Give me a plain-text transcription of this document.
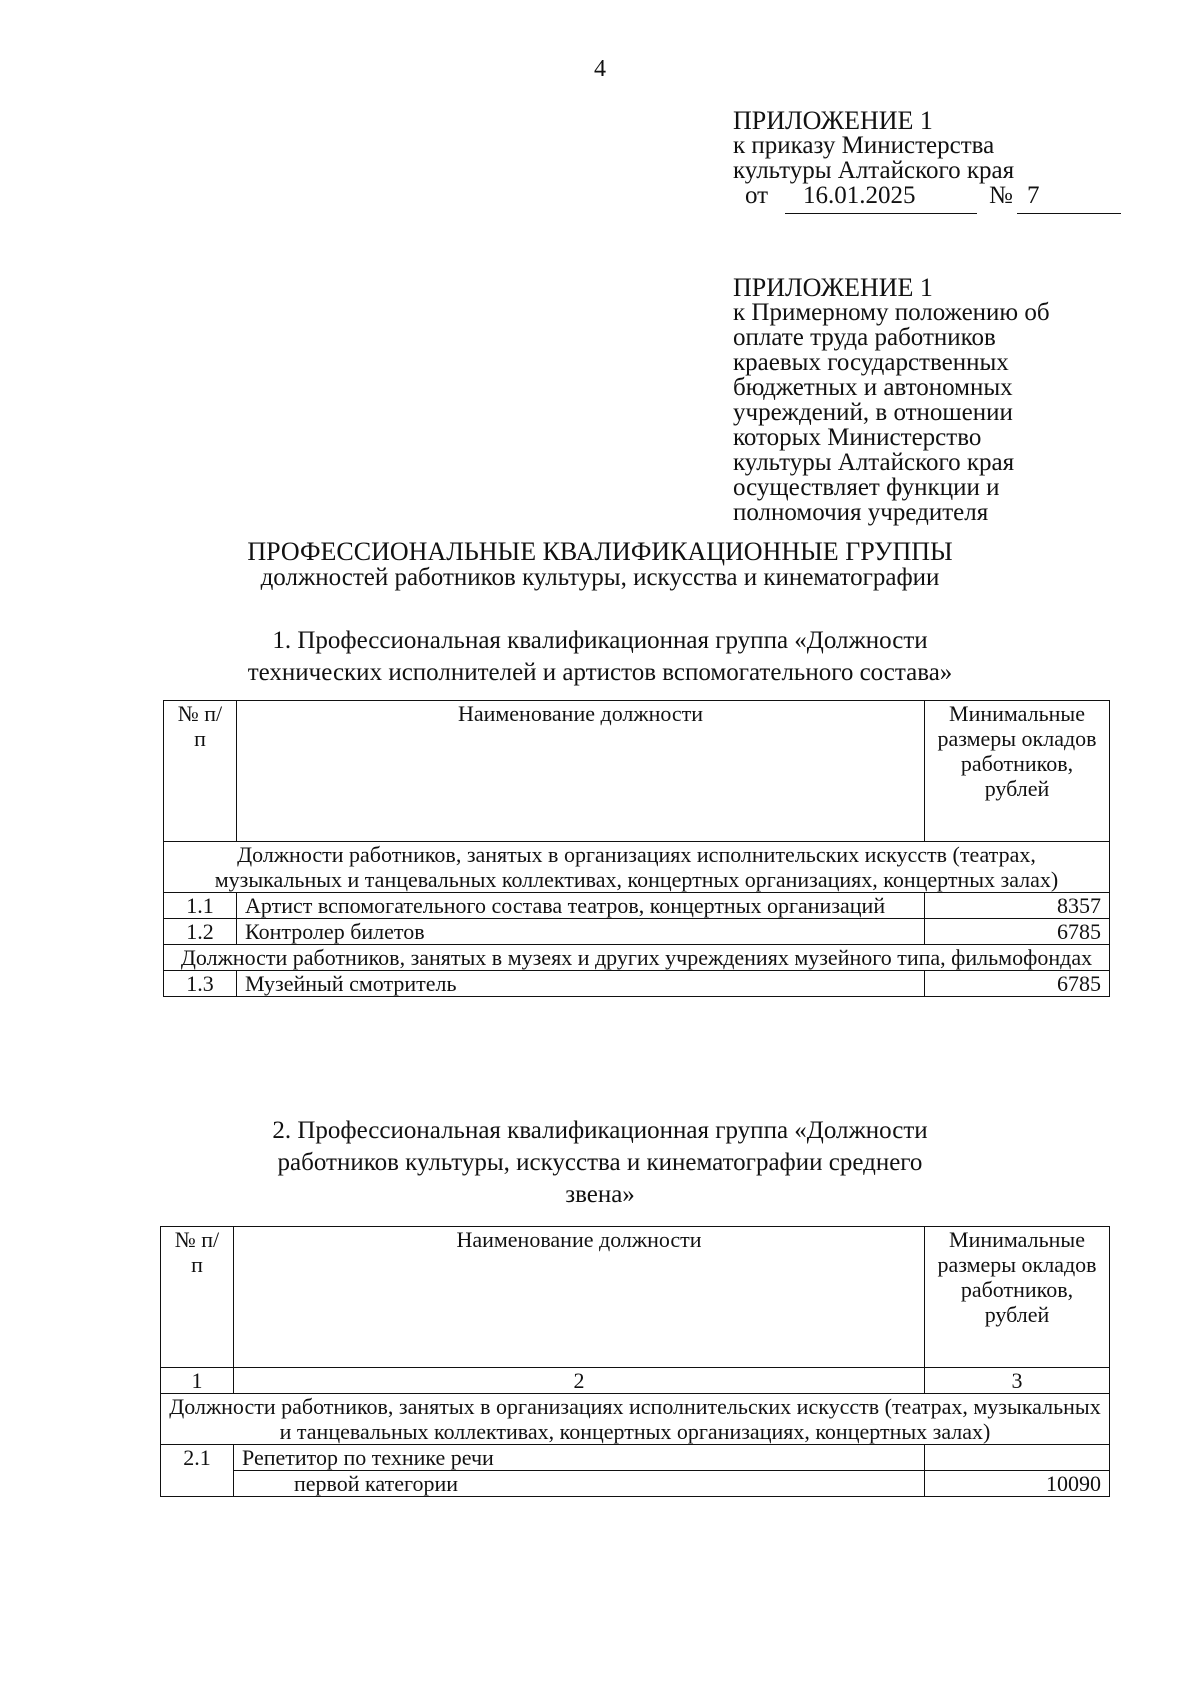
4
ПРИЛОЖЕНИЕ 1
к приказу Министерства
культуры Алтайского края
от 16.01.2025	№ 7
ПРИЛОЖЕНИЕ 1
к Примерному положению об
оплате труда работников
краевых государственных
бюджетных и автономных
учреждений, в отношении
которых Министерство
культуры Алтайского края
осуществляет функции и
полномочия учредителя
ПРОФЕССИОНАЛЬНЫЕ КВАЛИФИКАЦИОННЫЕ ГРУППЫ
должностей работников культуры, искусства и кинематографии
1. Профессиональная квалификационная группа «Должности
технических исполнителей и артистов вспомогательного состава»
№ п/п	Наименование должности	Минимальные размеры окладов работников, рублей
Должности работников, занятых в организациях исполнительских искусств (театрах, музыкальных и танцевальных коллективах, концертных организациях, концертных залах)		
1.1	Артист вспомогательного состава театров, концертных организаций	8357
1.2	Контролер билетов	6785
Должности работников, занятых в музеях и других учреждениях музейного типа, фильмофондах		
1.3	Музейный смотритель	6785
2. Профессиональная квалификационная группа «Должности
работников культуры, искусства и кинематографии среднего
звена»
№ п/п	Наименование должности	Минимальные размеры окладов работников, рублей
1	2	3
Должности работников, занятых в организациях исполнительских искусств (театрах, музыкальных и танцевальных коллективах, концертных организациях, концертных залах)		
2.1	Репетитор по технике речи	
	первой категории	10090
